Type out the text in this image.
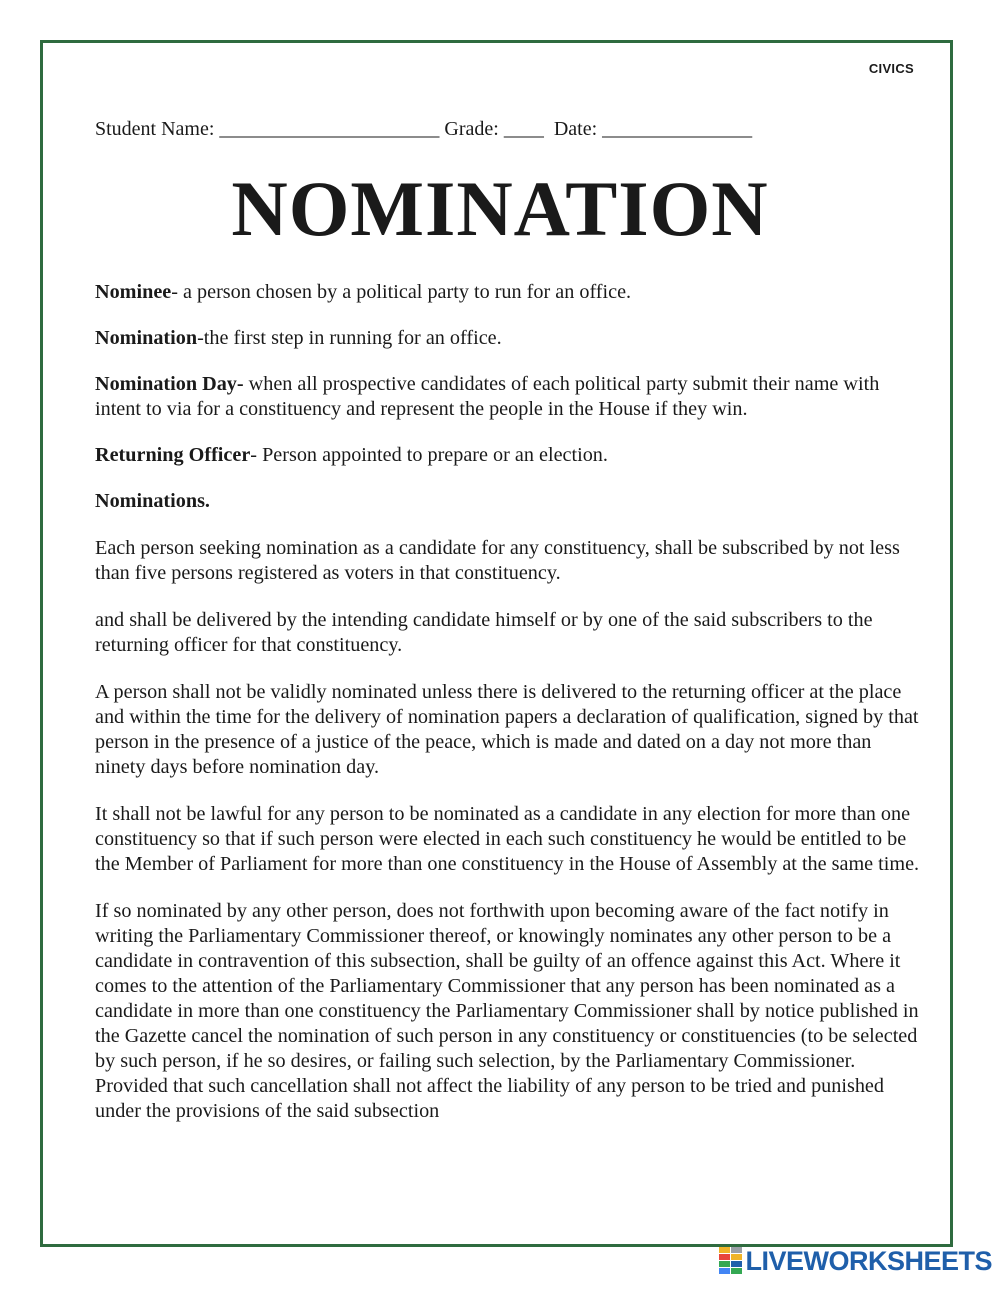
CIVICS
Student Name: ______________________ Grade: ____  Date: _______________
NOMINATION

Nominee- a person chosen by a political party to run for an office.

Nomination-the first step in running for an office.

Nomination Day- when all prospective candidates of each political party submit their name with intent to via for a constituency and represent the people in the House if they win.

Returning Officer- Person appointed to prepare or an election.

Nominations.

Each person seeking nomination as a candidate for any constituency, shall be subscribed by not less than five persons registered as voters in that constituency.

and shall be delivered by the intending candidate himself or by one of the said subscribers to the returning officer for that constituency.

A person shall not be validly nominated unless there is delivered to the returning officer at the place and within the time for the delivery of nomination papers a declaration of qualification, signed by that person in the presence of a justice of the peace, which is made and dated on a day not more than ninety days before nomination day.

It shall not be lawful for any person to be nominated as a candidate in any election for more than one constituency so that if such person were elected in each such constituency he would be entitled to be the Member of Parliament for more than one constituency in the House of Assembly at the same time.

If so nominated by any other person, does not forthwith upon becoming aware of the fact notify in writing the Parliamentary Commissioner thereof, or knowingly nominates any other person to be a candidate in contravention of this subsection, shall be guilty of an offence against this Act. Where it comes to the attention of the Parliamentary Commissioner that any person has been nominated as a candidate in more than one constituency the Parliamentary Commissioner shall by notice published in the Gazette cancel the nomination of such person in any constituency or constituencies (to be selected by such person, if he so desires, or failing such selection, by the Parliamentary Commissioner. Provided that such cancellation shall not affect the liability of any person to be tried and punished under the provisions of the said subsection

LIVEWORKSHEETS
